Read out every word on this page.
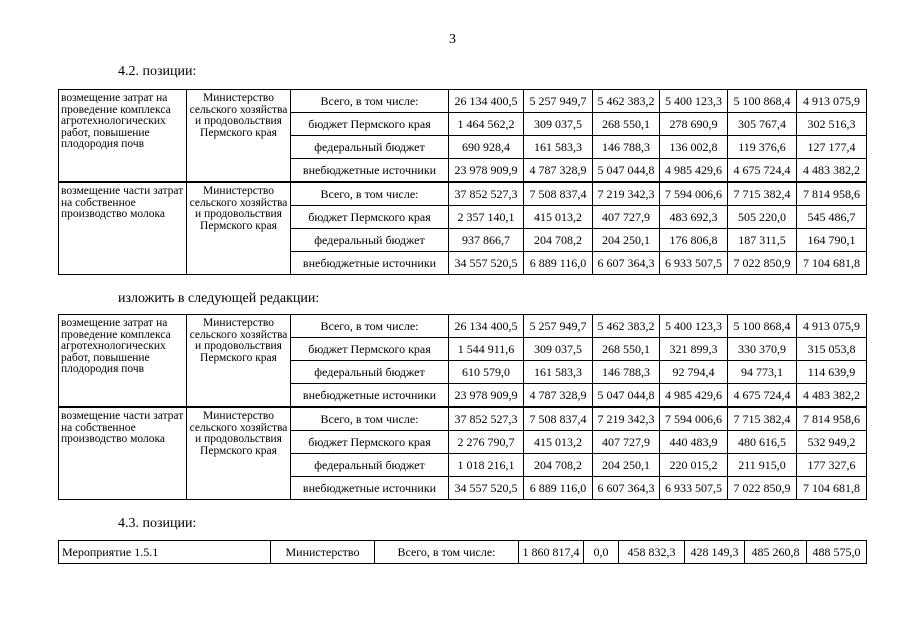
3
4.2. позиции:
изложить в следующей редакции:
4.3. позиции:
возмещение затрат на проведение комплекса агротехнологических работ, повышение плодородия почв	Министерство сельского хозяйства и продовольствия Пермского края	Всего, в том числе:	26 134 400,5	5 257 949,7	5 462 383,2	5 400 123,3	5 100 868,4	4 913 075,9
		бюджет Пермского края	1 464 562,2	309 037,5	268 550,1	278 690,9	305 767,4	302 516,3
		федеральный бюджет	690 928,4	161 583,3	146 788,3	136 002,8	119 376,6	127 177,4
		внебюджетные источники	23 978 909,9	4 787 328,9	5 047 044,8	4 985 429,6	4 675 724,4	4 483 382,2
возмещение части затрат на собственное производство молока	Министерство сельского хозяйства и продовольствия Пермского края	Всего, в том числе:	37 852 527,3	7 508 837,4	7 219 342,3	7 594 006,6	7 715 382,4	7 814 958,6
		бюджет Пермского края	2 357 140,1	415 013,2	407 727,9	483 692,3	505 220,0	545 486,7
		федеральный бюджет	937 866,7	204 708,2	204 250,1	176 806,8	187 311,5	164 790,1
		внебюджетные источники	34 557 520,5	6 889 116,0	6 607 364,3	6 933 507,5	7 022 850,9	7 104 681,8
возмещение затрат на проведение комплекса агротехнологических работ, повышение плодородия почв	Министерство сельского хозяйства и продовольствия Пермского края	Всего, в том числе:	26 134 400,5	5 257 949,7	5 462 383,2	5 400 123,3	5 100 868,4	4 913 075,9
		бюджет Пермского края	1 544 911,6	309 037,5	268 550,1	321 899,3	330 370,9	315 053,8
		федеральный бюджет	610 579,0	161 583,3	146 788,3	92 794,4	94 773,1	114 639,9
		внебюджетные источники	23 978 909,9	4 787 328,9	5 047 044,8	4 985 429,6	4 675 724,4	4 483 382,2
возмещение части затрат на собственное производство молока	Министерство сельского хозяйства и продовольствия Пермского края	Всего, в том числе:	37 852 527,3	7 508 837,4	7 219 342,3	7 594 006,6	7 715 382,4	7 814 958,6
		бюджет Пермского края	2 276 790,7	415 013,2	407 727,9	440 483,9	480 616,5	532 949,2
		федеральный бюджет	1 018 216,1	204 708,2	204 250,1	220 015,2	211 915,0	177 327,6
		внебюджетные источники	34 557 520,5	6 889 116,0	6 607 364,3	6 933 507,5	7 022 850,9	7 104 681,8
Мероприятие 1.5.1	Министерство	Всего, в том числе:	1 860 817,4	0,0	458 832,3	428 149,3	485 260,8	488 575,0
